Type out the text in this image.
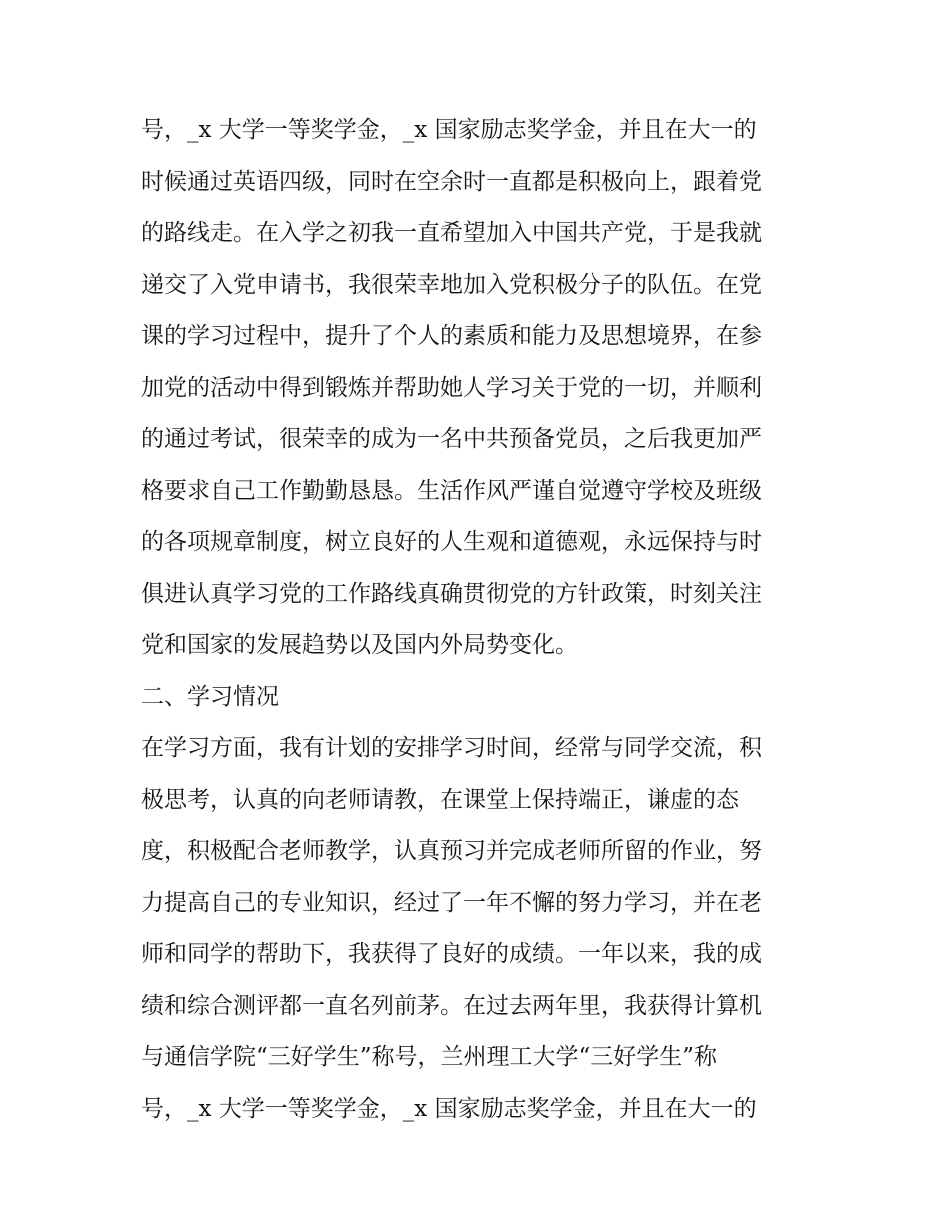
号，_x 大学一等奖学金，_x 国家励志奖学金，并且在大一的
时候通过英语四级，同时在空余时一直都是积极向上，跟着党
的路线走。在入学之初我一直希望加入中国共产党，于是我就
递交了入党申请书，我很荣幸地加入党积极分子的队伍。在党
课的学习过程中，提升了个人的素质和能力及思想境界，在参
加党的活动中得到锻炼并帮助她人学习关于党的一切，并顺利
的通过考试，很荣幸的成为一名中共预备党员，之后我更加严
格要求自己工作勤勤恳恳。生活作风严谨自觉遵守学校及班级
的各项规章制度，树立良好的人生观和道德观，永远保持与时
俱进认真学习党的工作路线真确贯彻党的方针政策，时刻关注
党和国家的发展趋势以及国内外局势变化。
二、学习情况
在学习方面，我有计划的安排学习时间，经常与同学交流，积
极思考，认真的向老师请教，在课堂上保持端正，谦虚的态
度，积极配合老师教学，认真预习并完成老师所留的作业，努
力提高自己的专业知识，经过了一年不懈的努力学习，并在老
师和同学的帮助下，我获得了良好的成绩。一年以来，我的成
绩和综合测评都一直名列前茅。在过去两年里，我获得计算机
与通信学院“三好学生”称号，兰州理工大学“三好学生”称
号，_x 大学一等奖学金，_x 国家励志奖学金，并且在大一的
